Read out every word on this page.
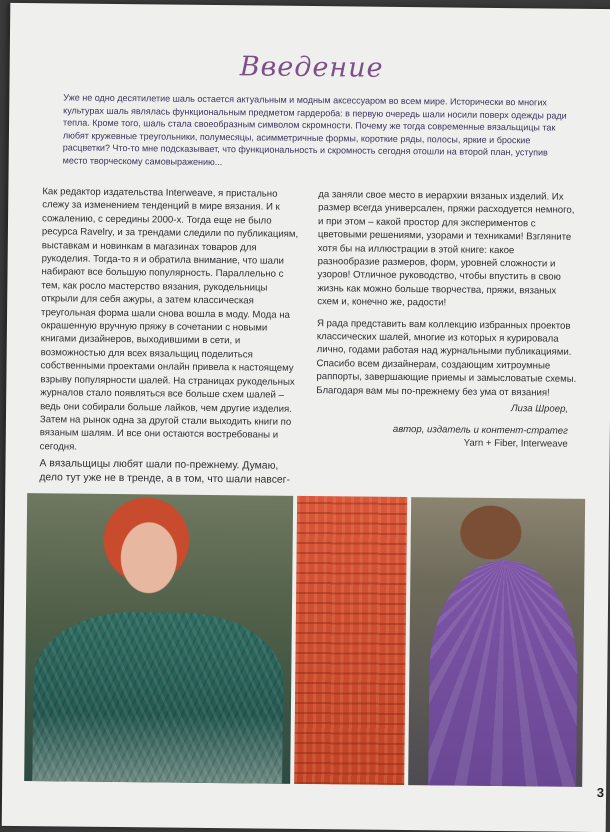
Введение
Уже не одно десятилетие шаль остается актуальным и модным аксессуаром во всем мире. Исторически во многих культурах шаль являлась функциональным предметом гардероба: в первую очередь шали носили поверх одежды ради тепла. Кроме того, шаль стала своеобразным символом скромности. Почему же тогда современные вязальщицы так любят кружевные треугольники, полумесяцы, асимметричные формы, короткие ряды, полосы, яркие и броские расцветки? Что-то мне подсказывает, что функциональность и скромность сегодня отошли на второй план, уступив место творческому самовыражению...

Как редактор издательства Interweave, я пристально слежу за изменением тенденций в мире вязания. И к сожалению, с середины 2000-х. Тогда еще не было ресурса Ravelry, и за трендами следили по публикациям, выставкам и новинкам в магазинах товаров для рукоделия. Тогда-то я и обратила внимание, что шали набирают все большую популярность. Параллельно с тем, как росло мастерство вязания, рукодельницы открыли для себя ажуры, а затем классическая треугольная форма шали снова вошла в моду. Мода на окрашенную вручную пряжу в сочетании с новыми книгами дизайнеров, выходившими в сети, и возможностью для всех вязальщиц поделиться собственными проектами онлайн привела к настоящему взрыву популярности шалей. На страницах рукодельных журналов стало появляться все больше схем шалей – ведь они собирали больше лайков, чем другие изделия. Затем на рынок одна за другой стали выходить книги по вязаным шалям. И все они остаются востребованы и сегодня.

А вязальщицы любят шали по-прежнему. Думаю, дело тут уже не в тренде, а в том, что шали навсег-

да заняли свое место в иерархии вязаных изделий. Их размер всегда универсален, пряжи расходуется немного, и при этом – какой простор для экспериментов с цветовыми решениями, узорами и техниками! Взгляните хотя бы на иллюстрации в этой книге: какое разнообразие размеров, форм, уровней сложности и узоров! Отличное руководство, чтобы впустить в свою жизнь как можно больше творчества, пряжи, вязаных схем и, конечно же, радости!

Я рада представить вам коллекцию избранных проектов классических шалей, многие из которых я курировала лично, годами работая над журнальными публикациями. Спасибо всем дизайнерам, создающим хитроумные раппорты, завершающие приемы и замысловатые схемы. Благодаря вам мы по-прежнему без ума от вязания!

Лиза Шроер,
автор, издатель и контент-стратег
Yarn + Fiber, Interweave
3
